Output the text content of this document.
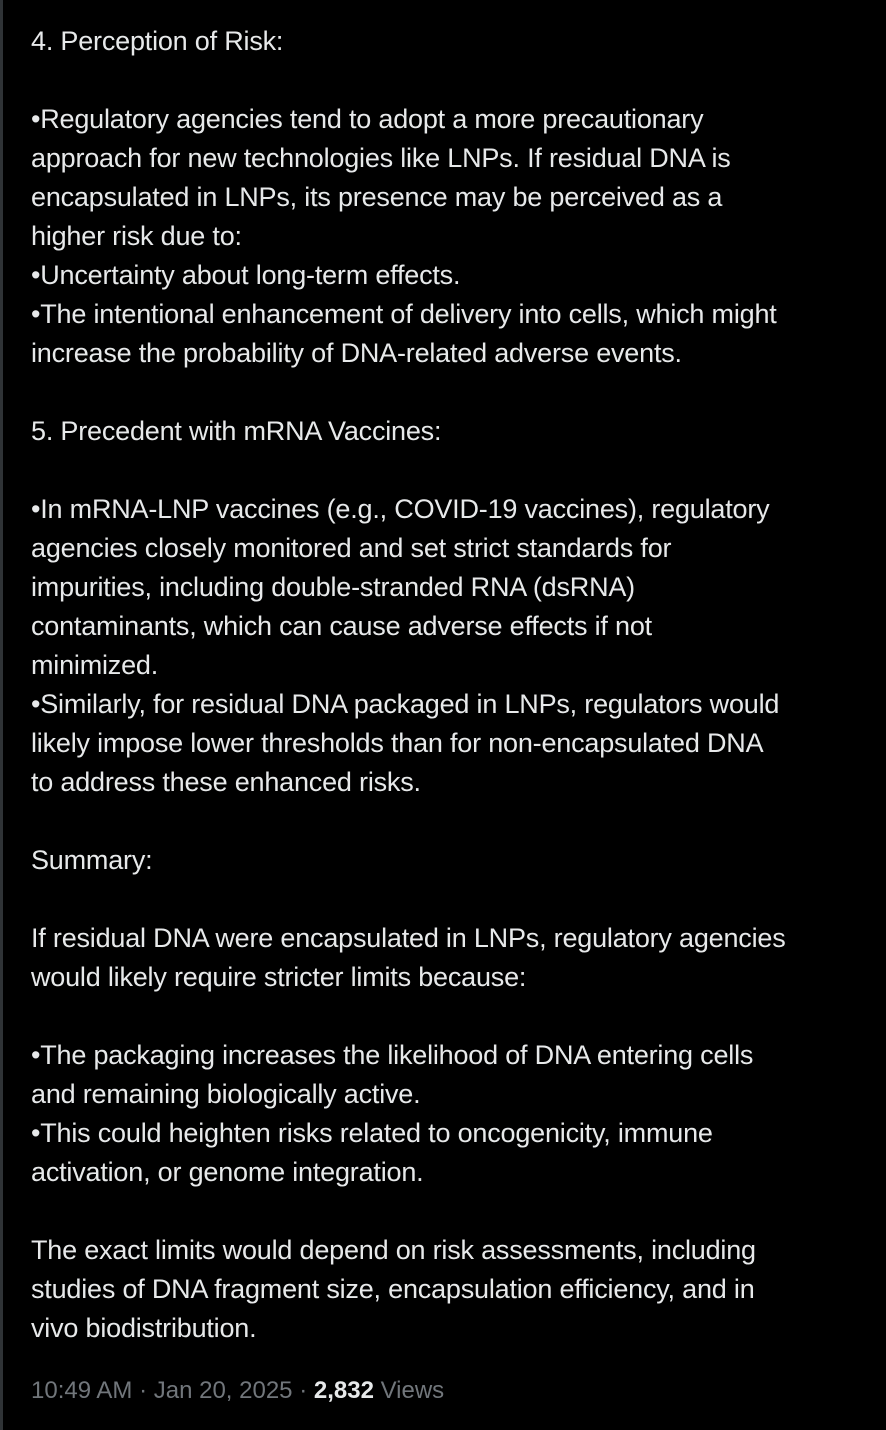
4. Perception of Risk:
•Regulatory agencies tend to adopt a more precautionary
approach for new technologies like LNPs. If residual DNA is
encapsulated in LNPs, its presence may be perceived as a
higher risk due to:
•Uncertainty about long-term effects.
•The intentional enhancement of delivery into cells, which might
increase the probability of DNA-related adverse events.
5. Precedent with mRNA Vaccines:
•In mRNA-LNP vaccines (e.g., COVID-19 vaccines), regulatory
agencies closely monitored and set strict standards for
impurities, including double-stranded RNA (dsRNA)
contaminants, which can cause adverse effects if not
minimized.
•Similarly, for residual DNA packaged in LNPs, regulators would
likely impose lower thresholds than for non-encapsulated DNA
to address these enhanced risks.
Summary:
If residual DNA were encapsulated in LNPs, regulatory agencies
would likely require stricter limits because:
•The packaging increases the likelihood of DNA entering cells
and remaining biologically active.
•This could heighten risks related to oncogenicity, immune
activation, or genome integration.
The exact limits would depend on risk assessments, including
studies of DNA fragment size, encapsulation efficiency, and in
vivo biodistribution.
10:49 AM · Jan 20, 2025 · 2,832 Views
